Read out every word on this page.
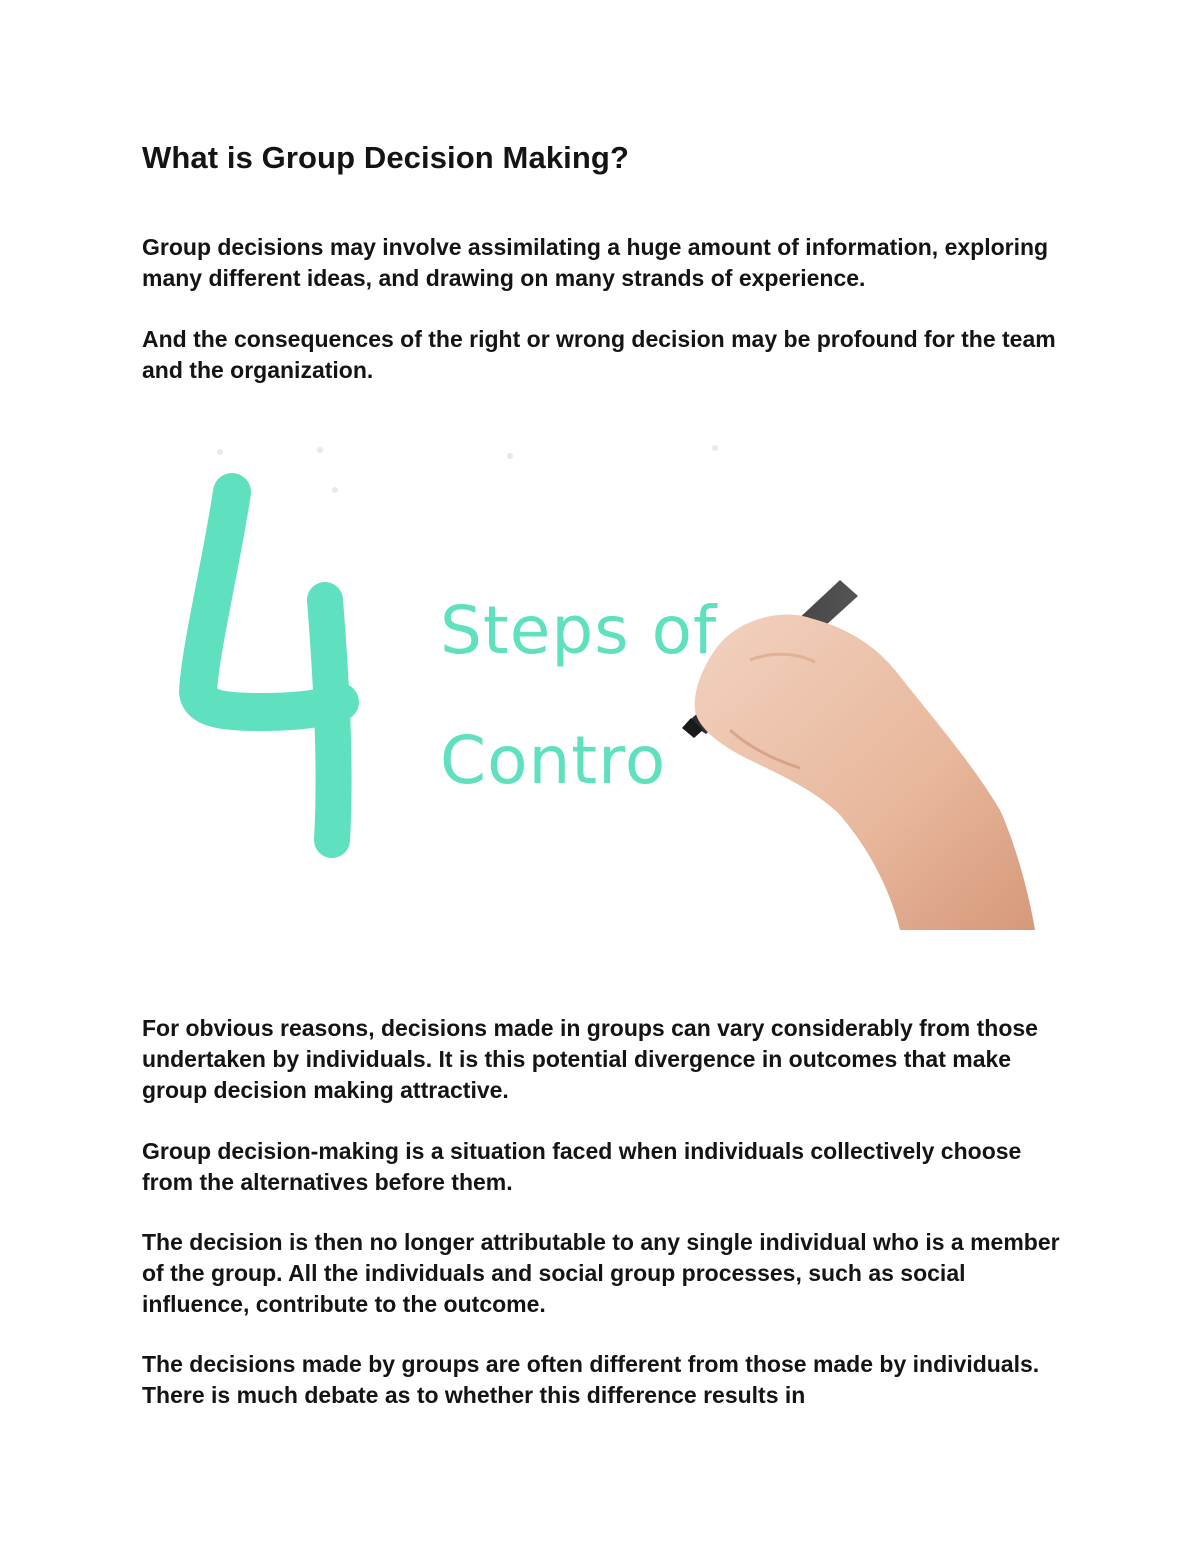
What is Group Decision Making?

Group decisions may involve assimilating a huge amount of information, exploring many different ideas, and drawing on many strands of experience.

And the consequences of the right or wrong decision may be profound for the team and the organization.

Steps of
Contro

For obvious reasons, decisions made in groups can vary considerably from those undertaken by individuals. It is this potential divergence in outcomes that make group decision making attractive.

Group decision-making is a situation faced when individuals collectively choose from the alternatives before them.

The decision is then no longer attributable to any single individual who is a member of the group. All the individuals and social group processes, such as social influence, contribute to the outcome.

The decisions made by groups are often different from those made by individuals. There is much debate as to whether this difference results in
